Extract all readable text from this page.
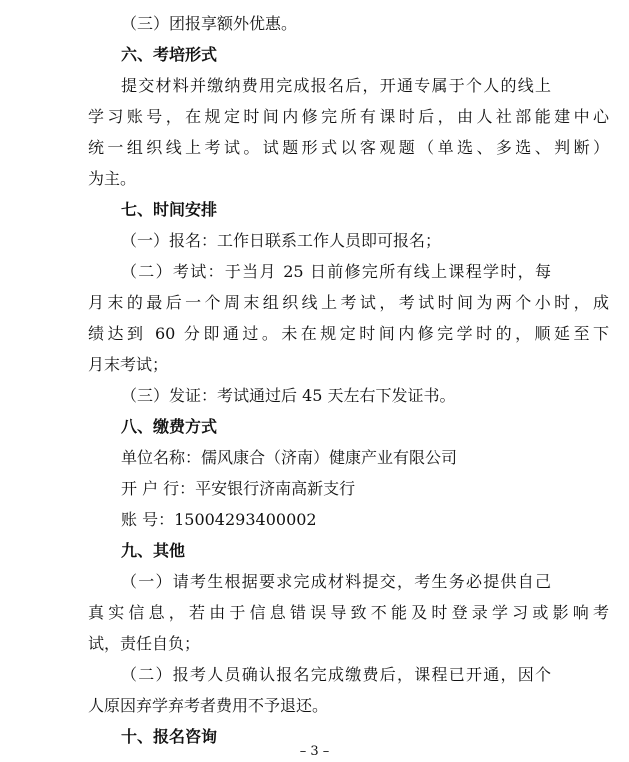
（三）团报享额外优惠。
六、考培形式
提交材料并缴纳费用完成报名后，开通专属于个人的线上
学习账号，在规定时间内修完所有课时后，由人社部能建中心
统一组织线上考试。试题形式以客观题（单选、多选、判断）
为主。
七、时间安排
（一）报名：工作日联系工作人员即可报名；
（二）考试：于当月 25 日前修完所有线上课程学时，每
月末的最后一个周末组织线上考试，考试时间为两个小时，成
绩达到 60 分即通过。未在规定时间内修完学时的，顺延至下
月末考试；
（三）发证：考试通过后 45 天左右下发证书。
八、缴费方式
单位名称：儒风康合（济南）健康产业有限公司
开 户 行：平安银行济南高新支行
账 号：15004293400002
九、其他
（一）请考生根据要求完成材料提交，考生务必提供自己
真实信息，若由于信息错误导致不能及时登录学习或影响考
试，责任自负；
（二）报考人员确认报名完成缴费后，课程已开通，因个
人原因弃学弃考者费用不予退还。
十、报名咨询
– 3 –
